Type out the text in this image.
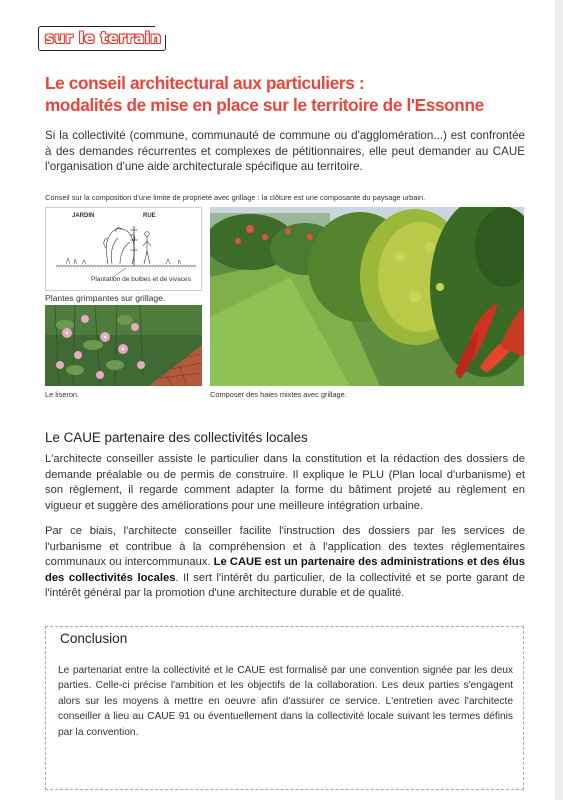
sur le terrain
Le conseil architectural aux particuliers :
modalités de mise en place sur le territoire de l'Essonne

Si la collectivité (commune, communauté de commune ou d'agglomération...) est confrontée à des demandes récurrentes et complexes de pétitionnaires, elle peut demander au CAUE l'organisation d'une aide architecturale spécifique au territoire.

Conseil sur la composition d'une limite de propriété avec grillage : la clôture est une composante du paysage urbain.
JARDIN	RUE
Plantation de bulbes et de vivaces
Plantes grimpantes sur grillage.
Le liseron.	Composer des haies mixtes avec grillage.
Le CAUE partenaire des collectivités locales

L'architecte conseiller assiste le particulier dans la constitution et la rédaction des dossiers de demande préalable ou de permis de construire. Il explique le PLU (Plan local d'urbanisme) et son règlement, il regarde comment adapter la forme du bâtiment projeté au règlement en vigueur et suggère des améliorations pour une meilleure intégration urbaine.

Par ce biais, l'architecte conseiller facilite l'instruction des dossiers par les services de l'urbanisme et contribue à la compréhension et à l'application des textes réglementaires communaux ou intercommunaux. Le CAUE est un partenaire des administrations et des élus des collectivités locales. Il sert l'intérêt du particulier, de la collectivité et se porte garant de l'intérêt général par la promotion d'une architecture durable et de qualité.

Conclusion

Le partenariat entre la collectivité et le CAUE est formalisé par une convention signée par les deux parties. Celle-ci précise l'ambition et les objectifs de la collaboration. Les deux parties s'engagent alors sur les moyens à mettre en oeuvre afin d'assurer ce service. L'entretien avec l'architecte conseiller a lieu au CAUE 91 ou éventuellement dans la collectivité locale suivant les termes définis par la convention.
